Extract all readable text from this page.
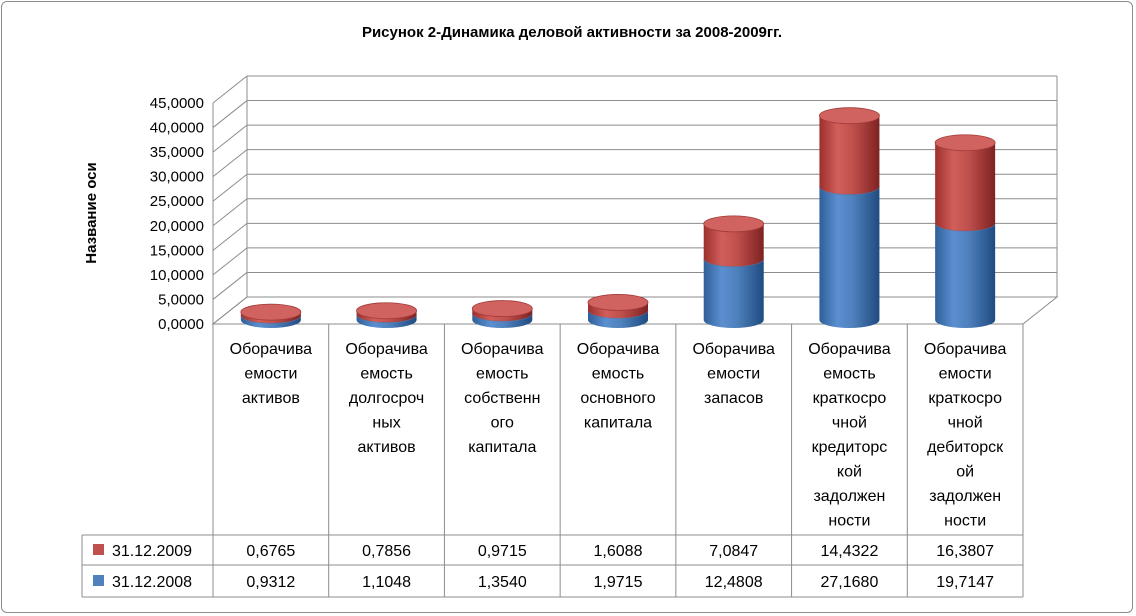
Рисунок 2-Динамика деловой активности за 2008-2009гг.
Название оси
0,0000
5,0000
10,0000
15,0000
20,0000
25,0000
30,0000
35,0000
40,0000
45,0000
Оборачива емости активов
Оборачива емость долгосроч ных активов
Оборачива емость собственн ого капитала
Оборачива емость основного капитала
Оборачива емости запасов
Оборачива емость краткосро чной кредиторс кой задолжен ности
Оборачива емости краткосро чной дебиторск ой задолжен ности
31.12.2009	0,6765	0,7856	0,9715	1,6088	7,0847	14,4322	16,3807
31.12.2008	0,9312	1,1048	1,3540	1,9715	12,4808	27,1680	19,7147
